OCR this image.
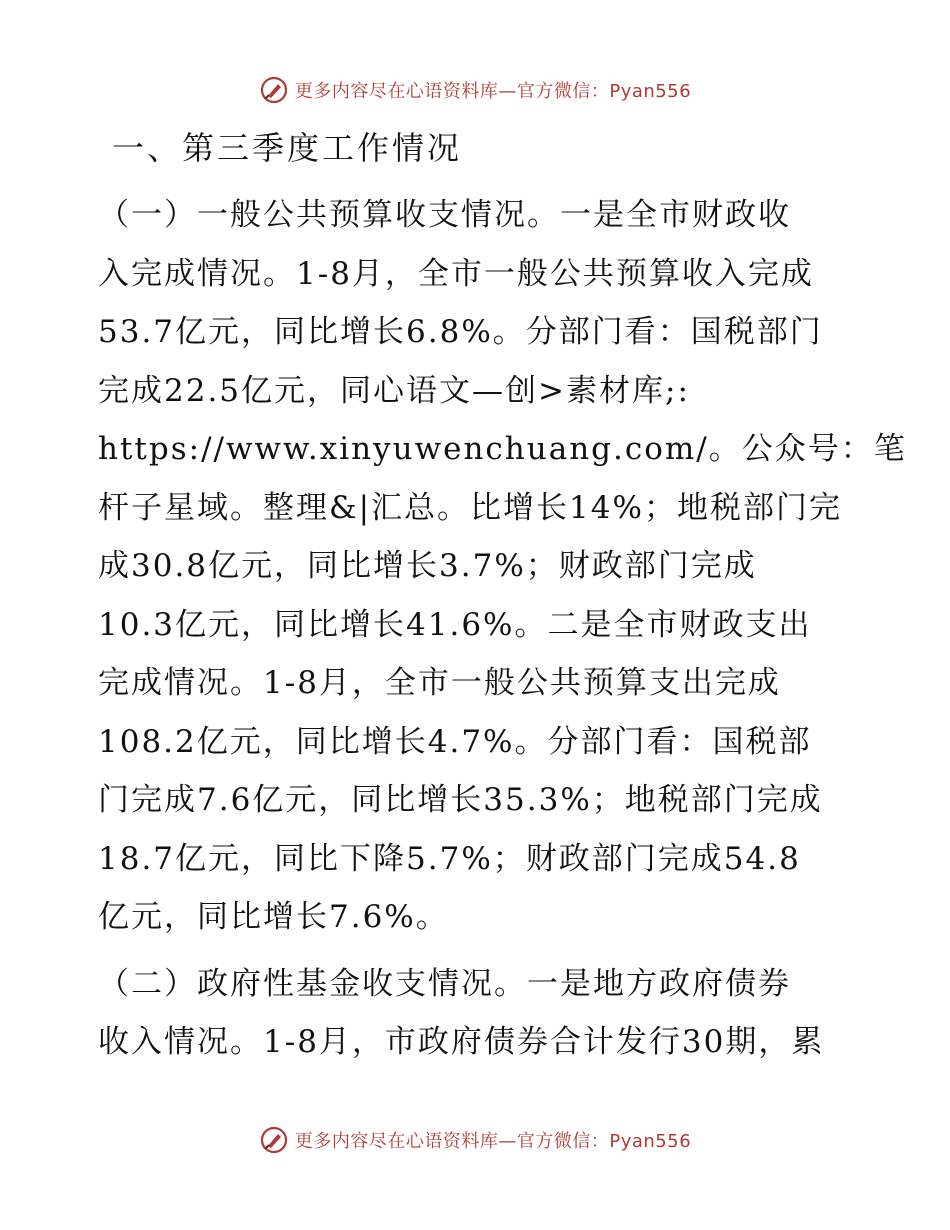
更多内容尽在心语资料库—官方微信：Pyan556
一、第三季度工作情况
（一）一般公共预算收支情况。一是全市财政收
入完成情况。1-8月，全市一般公共预算收入完成
53.7亿元，同比增长6.8%。分部门看：国税部门
完成22.5亿元，同心语文—创>素材库;:
https://www.xinyuwenchuang.com/。公众号：笔
杆子星域。整理&|汇总。比增长14%；地税部门完
成30.8亿元，同比增长3.7%；财政部门完成
10.3亿元，同比增长41.6%。二是全市财政支出
完成情况。1-8月，全市一般公共预算支出完成
108.2亿元，同比增长4.7%。分部门看：国税部
门完成7.6亿元，同比增长35.3%；地税部门完成
18.7亿元，同比下降5.7%；财政部门完成54.8
亿元，同比增长7.6%。
（二）政府性基金收支情况。一是地方政府债券
收入情况。1-8月，市政府债券合计发行30期，累
更多内容尽在心语资料库—官方微信：Pyan556
